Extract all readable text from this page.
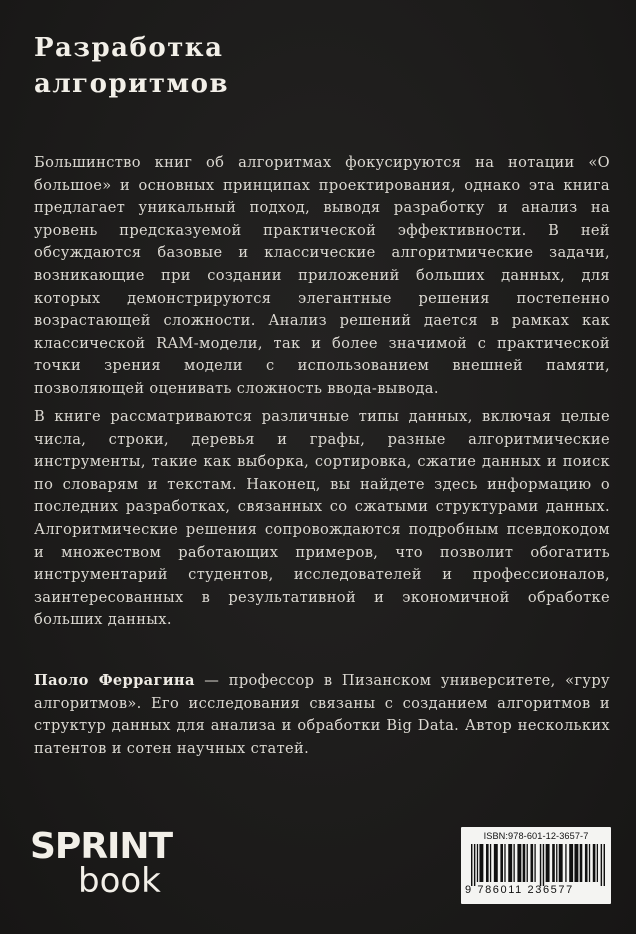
Разработка
алгоритмов

Большинство книг об алгоритмах фокусируются на нотации «О большое» и основных принципах проектирования, однако эта книга предлагает уникальный подход, выводя разработку и анализ на уровень предсказуемой практической эффективности. В ней обсуждаются базовые и классические алгоритмические задачи, возникающие при создании приложений больших данных, для которых демонстрируются элегантные решения постепенно возрастающей сложности. Анализ решений дается в рамках как классической RAM-модели, так и более значимой с практической точки зрения модели с использованием внешней памяти, позволяющей оценивать сложность ввода-вывода.

В книге рассматриваются различные типы данных, включая целые числа, строки, деревья и графы, разные алгоритмические инструменты, такие как выборка, сортировка, сжатие данных и поиск по словарям и текстам. Наконец, вы найдете здесь информацию о последних разработках, связанных со сжатыми структурами данных. Алгоритмические решения сопровождаются подробным псевдокодом и множеством работающих примеров, что позволит обогатить инструментарий студентов, исследователей и профессионалов, заинтересованных в результативной и экономичной обработке больших данных.

Паоло Феррагина — профессор в Пизанском университете, «гуру алгоритмов». Его исследования связаны с созданием алгоритмов и структур данных для анализа и обработки Big Data. Автор нескольких патентов и сотен научных статей.

SPRINT
book
ISBN:978-601-12-3657-7
9 786011 236577
